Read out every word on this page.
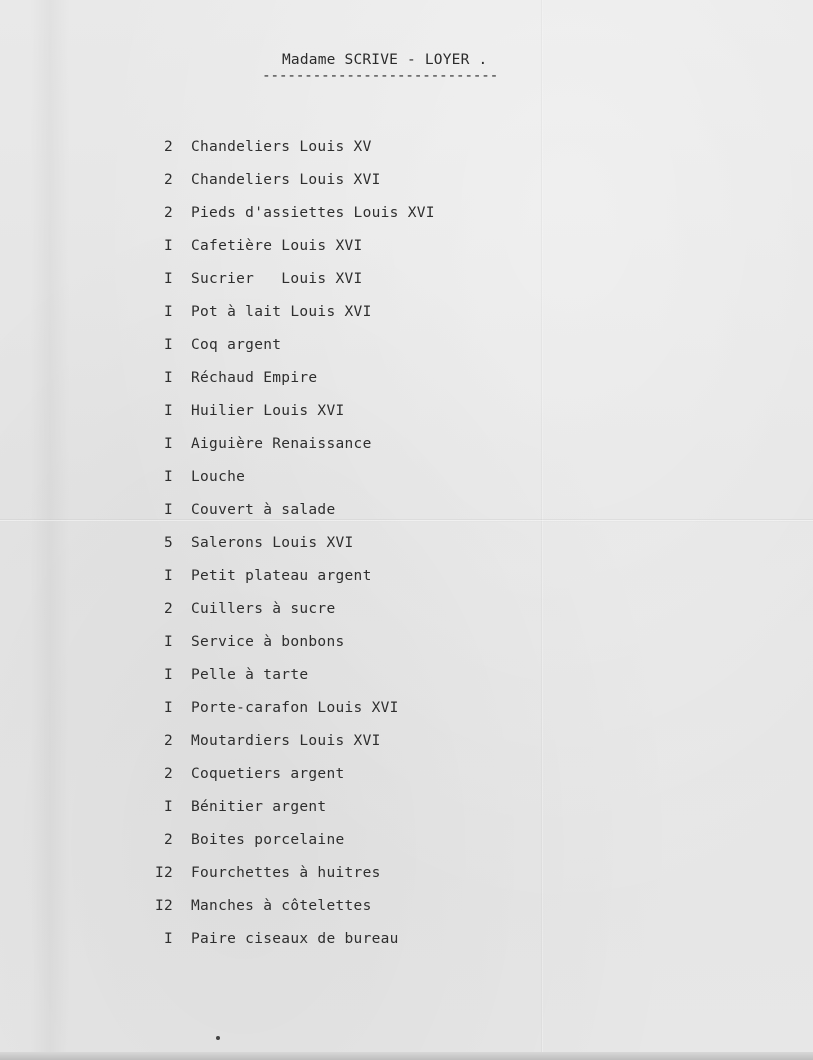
Madame SCRIVE - LOYER .
----------------------------
2 Chandeliers Louis XV
2 Chandeliers Louis XVI
2 Pieds d'assiettes Louis XVI
I Cafetière Louis XVI
I Sucrier   Louis XVI
I Pot à lait Louis XVI
I Coq argent
I Réchaud Empire
I Huilier Louis XVI
I Aiguière Renaissance
I Louche
I Couvert à salade
5 Salerons Louis XVI
I Petit plateau argent
2 Cuillers à sucre
I Service à bonbons
I Pelle à tarte
I Porte-carafon Louis XVI
2 Moutardiers Louis XVI
2 Coquetiers argent
I Bénitier argent
2 Boites porcelaine
I2 Fourchettes à huitres
I2 Manches à côtelettes
I Paire ciseaux de bureau
